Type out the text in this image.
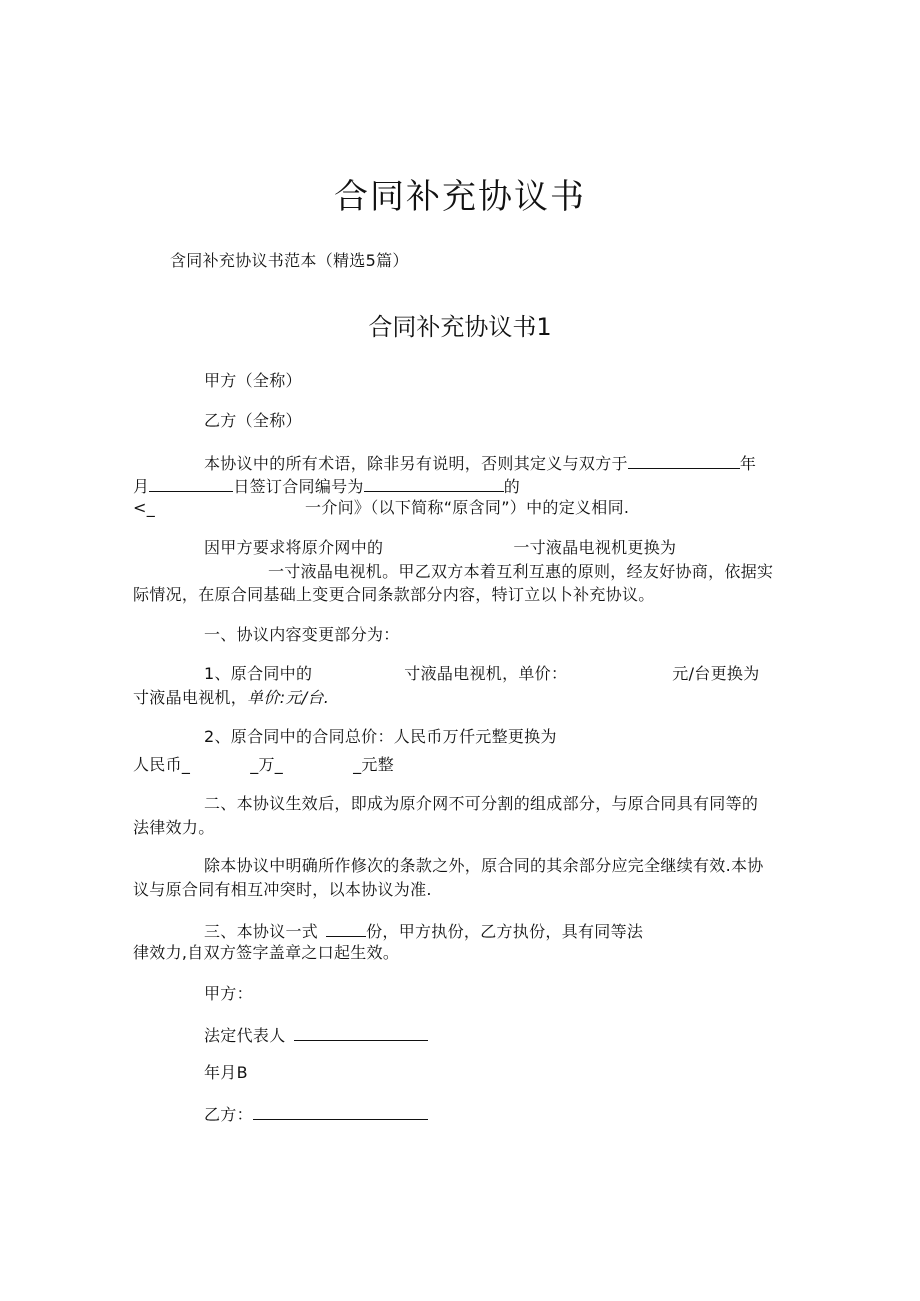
合同补充协议书
含同补充协议书范本（精选5篇）
合同补充协议书1
甲方（全称）
乙方（全称）
本协议中的所有术语，除非另有说明，否则其定义与双方于	年
月	日签订合同编号为	的
<_	一介问》（以下简称“原含同”）中的定义相同.
因甲方要求将原介网中的	一寸液晶电视机更换为
一寸液晶电视机。甲乙双方本着互利互惠的原则，经友好协商，依据实
际情况，在原合同基础上变更合同条款部分内容，特订立以卜补充协议。
一、协议内容变更部分为：
1、原合同中的	寸液晶电视机，单价：	元/台更换为
寸液晶电视机，单价:元/台.
2、原合同中的合同总价：人民币万仟元整更换为
人民币_	_万_	_元整
二、本协议生效后，即成为原介网不可分割的组成部分，与原合同具有同等的
法律效力。
除本协议中明确所作修次的条款之外，原合同的其余部分应完全继续有效.本协
议与原合同有相互冲突时，以本协议为准.
三、本协议一式	份，甲方执份，乙方执份，具有同等法
律效力,自双方签字盖章之口起生效。
甲方：
法定代表人
年月B
乙方：
